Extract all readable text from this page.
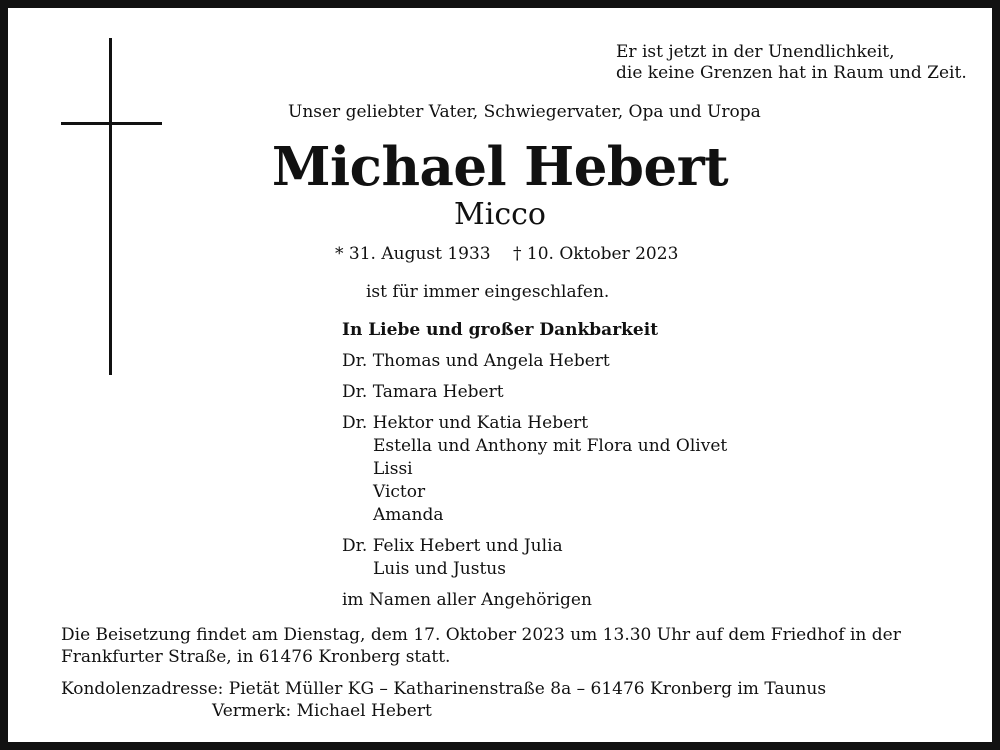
Er ist jetzt in der Unendlichkeit,
die keine Grenzen hat in Raum und Zeit.
Unser geliebter Vater, Schwiegervater, Opa und Uropa
Michael Hebert
Micco
* 31. August 1933 † 10. Oktober 2023
ist für immer eingeschlafen.
In Liebe und großer Dankbarkeit
Dr. Thomas und Angela Hebert
Dr. Tamara Hebert
Dr. Hektor und Katia Hebert
Estella und Anthony mit Flora und Olivet
Lissi
Victor
Amanda
Dr. Felix Hebert und Julia
Luis und Justus
im Namen aller Angehörigen
Die Beisetzung findet am Dienstag, dem 17. Oktober 2023 um 13.30 Uhr auf dem Friedhof in der Frankfurter Straße, in 61476 Kronberg statt.
Kondolenzadresse: Pietät Müller KG – Katharinenstraße 8a – 61476 Kronberg im Taunus
Vermerk: Michael Hebert
